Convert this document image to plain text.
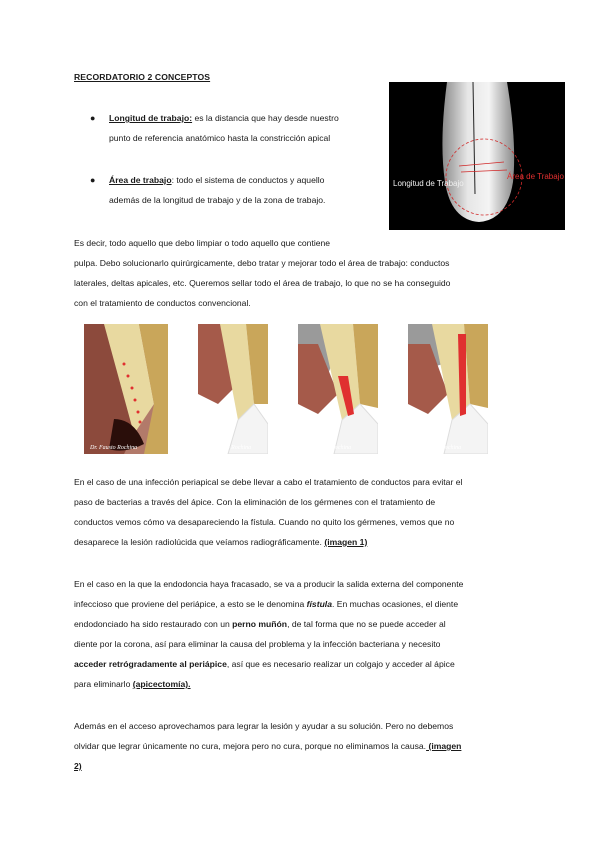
RECORDATORIO 2 CONCEPTOS
● Longitud de trabajo: es la distancia que hay desde nuestro
punto de referencia anatómico hasta la constricción apical
● Área de trabajo: todo el sistema de conductos y aquello
además de la longitud de trabajo y de la zona de trabajo.
Longitud de Trabajo
Área de Trabajo
Es decir, todo aquello que debo limpiar o todo aquello que contiene
pulpa. Debo solucionarlo quirúrgicamente, debo tratar y mejorar todo el área de trabajo: conductos
laterales, deltas apicales, etc. Queremos sellar todo el área de trabajo, lo que no se ha conseguido
con el tratamiento de conductos convencional.
Dr. Fausto Rochina	Dr. Fausto Rochina	Dr. Fausto Rochina	Dr. Fausto Rochina
En el caso de una infección periapical se debe llevar a cabo el tratamiento de conductos para evitar el
paso de bacterias a través del ápice. Con la eliminación de los gérmenes con el tratamiento de
conductos vemos cómo va desapareciendo la fístula. Cuando no quito los gérmenes, vemos que no
desaparece la lesión radiolúcida que veíamos radiográficamente. (imagen 1)
En el caso en la que la endodoncia haya fracasado, se va a producir la salida externa del componente
infeccioso que proviene del periápice, a esto se le denomina fístula. En muchas ocasiones, el diente
endodonciado ha sido restaurado con un perno muñón, de tal forma que no se puede acceder al
diente por la corona, así para eliminar la causa del problema y la infección bacteriana y necesito
acceder retrógradamente al periápice, así que es necesario realizar un colgajo y acceder al ápice
para eliminarlo (apicectomía).
Además en el acceso aprovechamos para legrar la lesión y ayudar a su solución. Pero no debemos
olvidar que legrar únicamente no cura, mejora pero no cura, porque no eliminamos la causa. (imagen
2)
